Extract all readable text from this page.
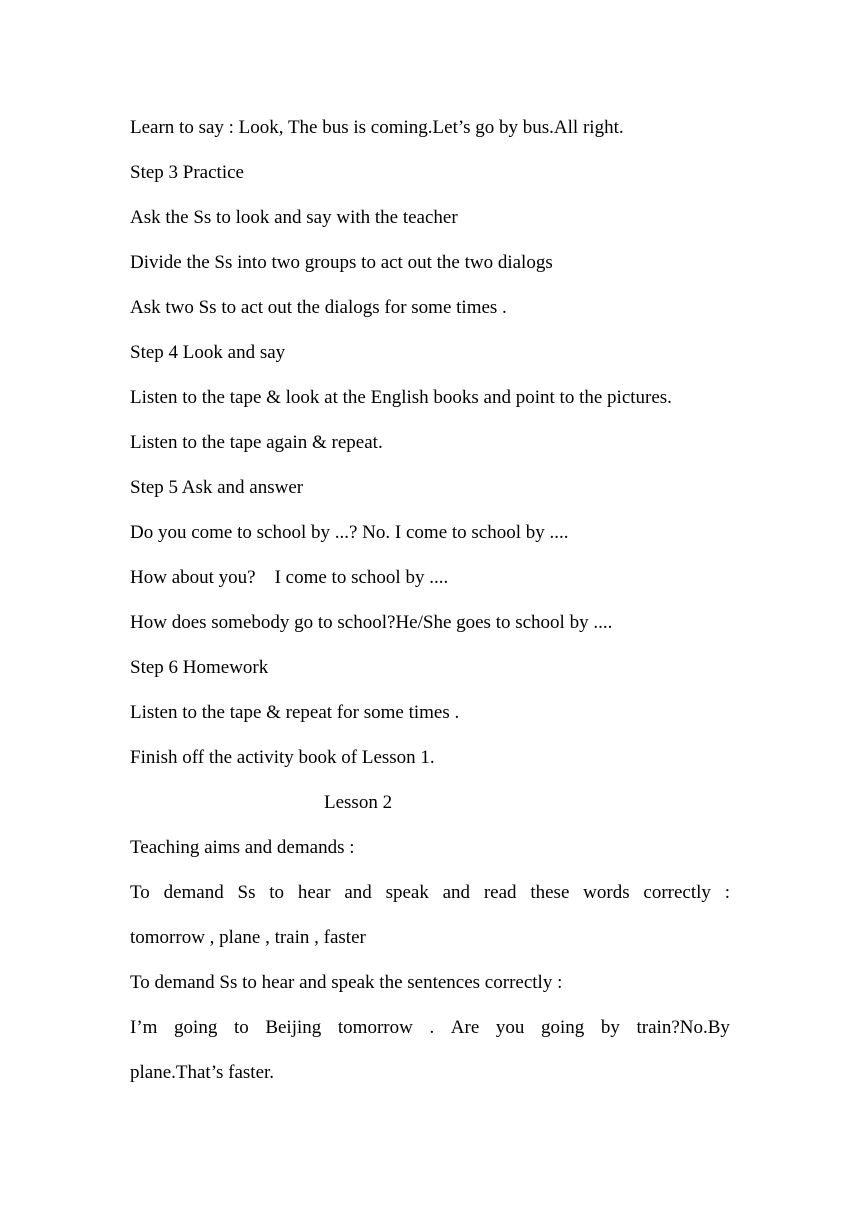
Learn to say : Look, The bus is coming.Let’s go by bus.All right.
Step 3 Practice
Ask the Ss to look and say with the teacher
Divide the Ss into two groups to act out the two dialogs
Ask two Ss to act out the dialogs for some times .
Step 4 Look and say
Listen to the tape & look at the English books and point to the pictures.
Listen to the tape again & repeat.
Step 5 Ask and answer
Do you come to school by ...? No. I come to school by ....
How about you?    I come to school by ....
How does somebody go to school?He/She goes to school by ....
Step 6 Homework
Listen to the tape & repeat for some times .
Finish off the activity book of Lesson 1.
Lesson 2
Teaching aims and demands :
To demand Ss to hear and speak and read these words correctly :
tomorrow , plane , train , faster
To demand Ss to hear and speak the sentences correctly :
I’m going to Beijing tomorrow . Are you going by train?No.By
plane.That’s faster.
